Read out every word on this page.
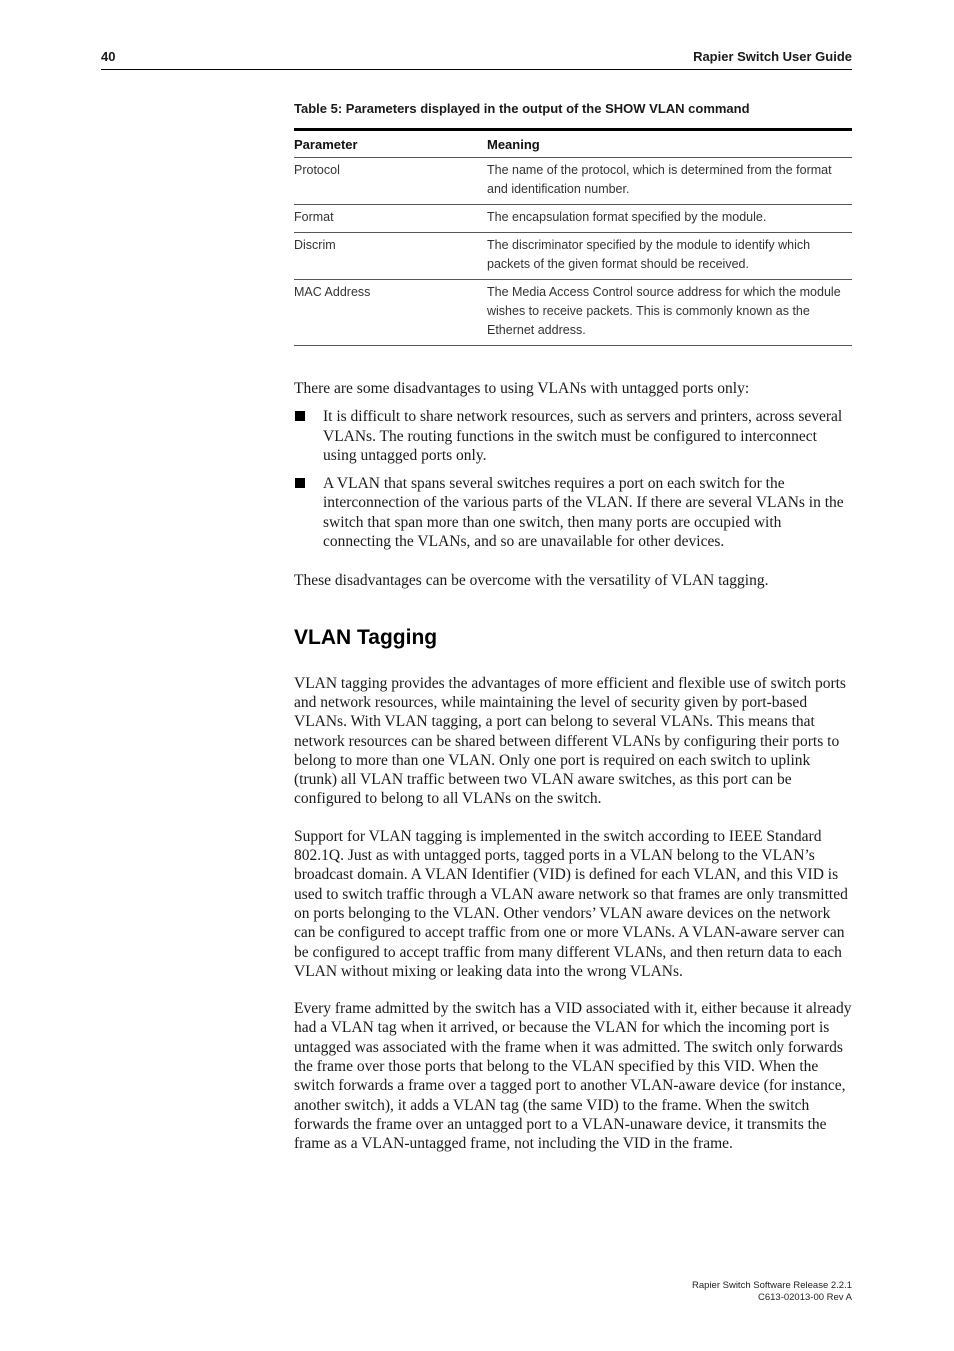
40	Rapier Switch User Guide

Table 5: Parameters displayed in the output of the SHOW VLAN command

Parameter	Meaning
Protocol	The name of the protocol, which is determined from the format and identification number.
Format	The encapsulation format specified by the module.
Discrim	The discriminator specified by the module to identify which packets of the given format should be received.
MAC Address	The Media Access Control source address for which the module wishes to receive packets. This is commonly known as the Ethernet address.

There are some disadvantages to using VLANs with untagged ports only:

It is difficult to share network resources, such as servers and printers, across several VLANs. The routing functions in the switch must be configured to interconnect using untagged ports only.
A VLAN that spans several switches requires a port on each switch for the interconnection of the various parts of the VLAN. If there are several VLANs in the switch that span more than one switch, then many ports are occupied with connecting the VLANs, and so are unavailable for other devices.

These disadvantages can be overcome with the versatility of VLAN tagging.

VLAN Tagging

VLAN tagging provides the advantages of more efficient and flexible use of switch ports and network resources, while maintaining the level of security given by port-based VLANs. With VLAN tagging, a port can belong to several VLANs. This means that network resources can be shared between different VLANs by configuring their ports to belong to more than one VLAN. Only one port is required on each switch to uplink (trunk) all VLAN traffic between two VLAN aware switches, as this port can be configured to belong to all VLANs on the switch.

Support for VLAN tagging is implemented in the switch according to IEEE Standard 802.1Q. Just as with untagged ports, tagged ports in a VLAN belong to the VLAN’s broadcast domain. A VLAN Identifier (VID) is defined for each VLAN, and this VID is used to switch traffic through a VLAN aware network so that frames are only transmitted on ports belonging to the VLAN. Other vendors’ VLAN aware devices on the network can be configured to accept traffic from one or more VLANs. A VLAN-aware server can be configured to accept traffic from many different VLANs, and then return data to each VLAN without mixing or leaking data into the wrong VLANs.

Every frame admitted by the switch has a VID associated with it, either because it already had a VLAN tag when it arrived, or because the VLAN for which the incoming port is untagged was associated with the frame when it was admitted. The switch only forwards the frame over those ports that belong to the VLAN specified by this VID. When the switch forwards a frame over a tagged port to another VLAN-aware device (for instance, another switch), it adds a VLAN tag (the same VID) to the frame. When the switch forwards the frame over an untagged port to a VLAN-unaware device, it transmits the frame as a VLAN-untagged frame, not including the VID in the frame.

Rapier Switch Software Release 2.2.1
C613-02013-00 Rev A
